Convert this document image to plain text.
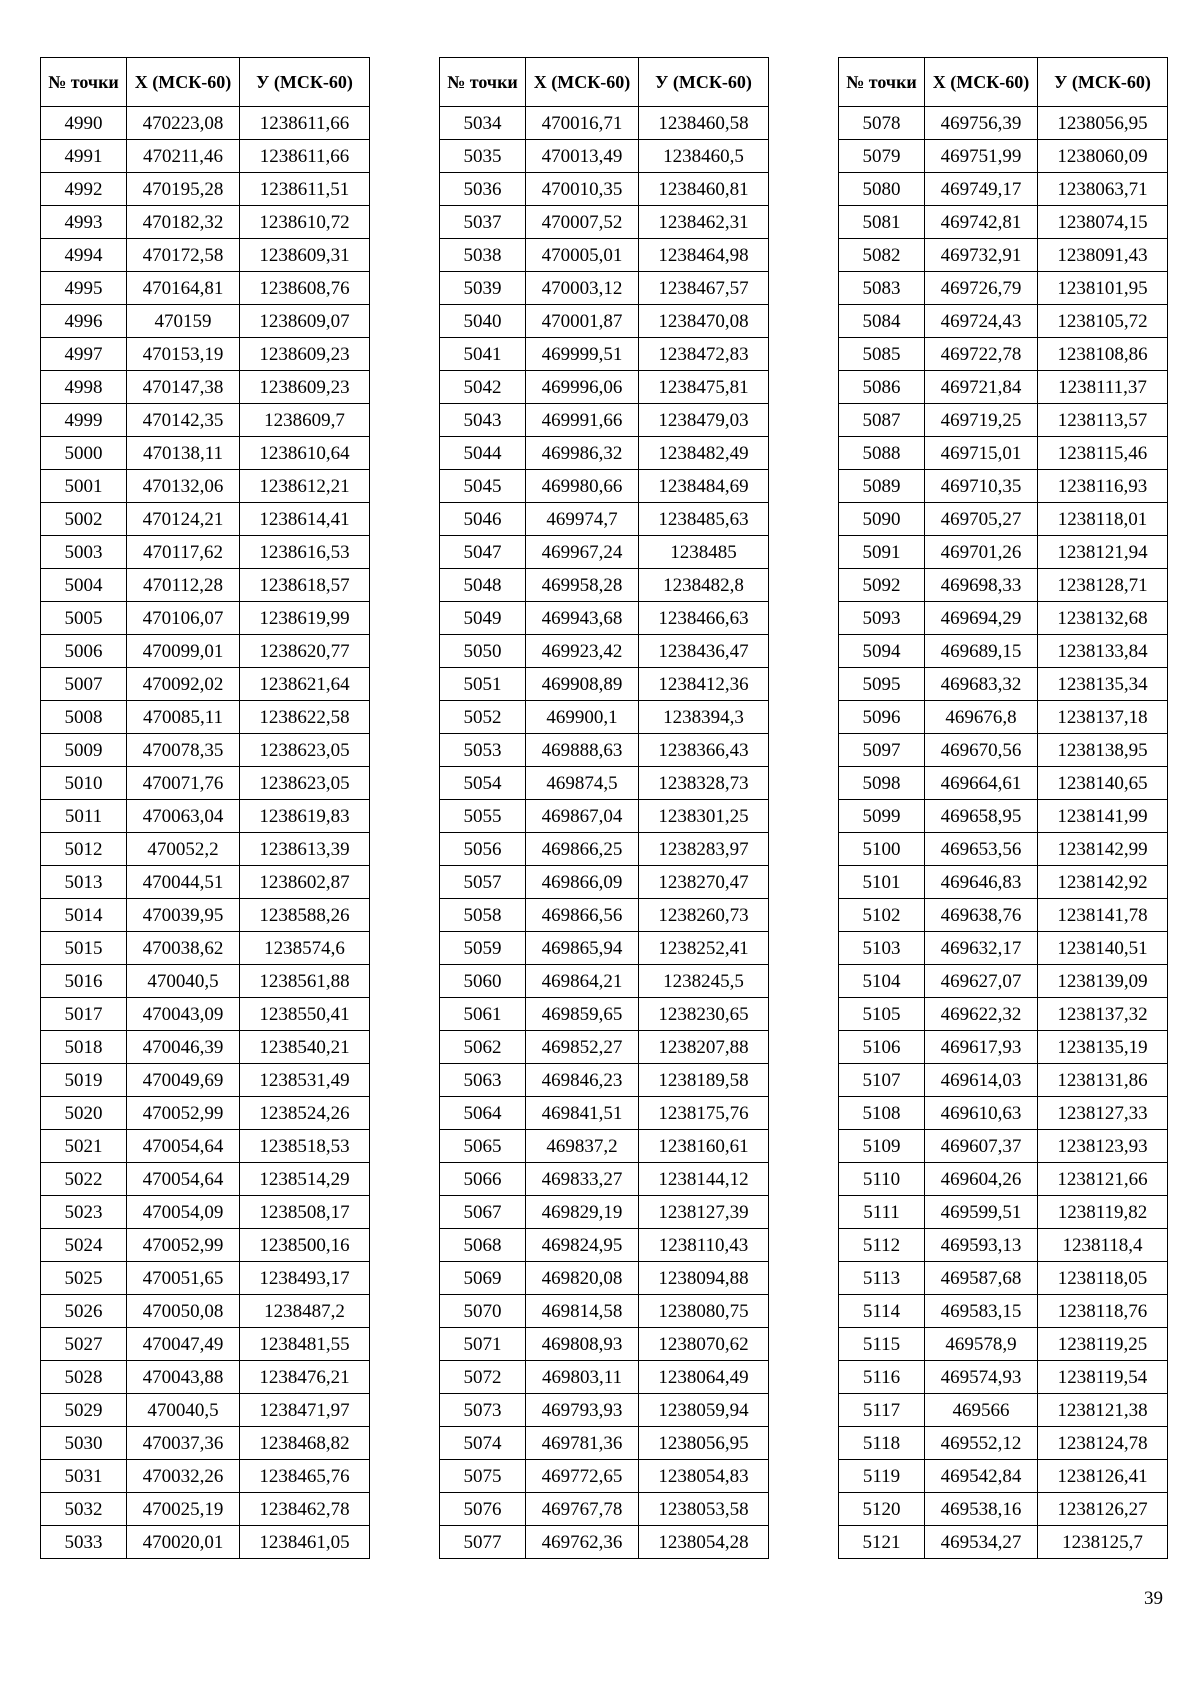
№ точки	Х (МСК-60)	У (МСК-60)
4990	470223,08	1238611,66
4991	470211,46	1238611,66
4992	470195,28	1238611,51
4993	470182,32	1238610,72
4994	470172,58	1238609,31
4995	470164,81	1238608,76
4996	470159	1238609,07
4997	470153,19	1238609,23
4998	470147,38	1238609,23
4999	470142,35	1238609,7
5000	470138,11	1238610,64
5001	470132,06	1238612,21
5002	470124,21	1238614,41
5003	470117,62	1238616,53
5004	470112,28	1238618,57
5005	470106,07	1238619,99
5006	470099,01	1238620,77
5007	470092,02	1238621,64
5008	470085,11	1238622,58
5009	470078,35	1238623,05
5010	470071,76	1238623,05
5011	470063,04	1238619,83
5012	470052,2	1238613,39
5013	470044,51	1238602,87
5014	470039,95	1238588,26
5015	470038,62	1238574,6
5016	470040,5	1238561,88
5017	470043,09	1238550,41
5018	470046,39	1238540,21
5019	470049,69	1238531,49
5020	470052,99	1238524,26
5021	470054,64	1238518,53
5022	470054,64	1238514,29
5023	470054,09	1238508,17
5024	470052,99	1238500,16
5025	470051,65	1238493,17
5026	470050,08	1238487,2
5027	470047,49	1238481,55
5028	470043,88	1238476,21
5029	470040,5	1238471,97
5030	470037,36	1238468,82
5031	470032,26	1238465,76
5032	470025,19	1238462,78
5033	470020,01	1238461,05
№ точки	Х (МСК-60)	У (МСК-60)
5034	470016,71	1238460,58
5035	470013,49	1238460,5
5036	470010,35	1238460,81
5037	470007,52	1238462,31
5038	470005,01	1238464,98
5039	470003,12	1238467,57
5040	470001,87	1238470,08
5041	469999,51	1238472,83
5042	469996,06	1238475,81
5043	469991,66	1238479,03
5044	469986,32	1238482,49
5045	469980,66	1238484,69
5046	469974,7	1238485,63
5047	469967,24	1238485
5048	469958,28	1238482,8
5049	469943,68	1238466,63
5050	469923,42	1238436,47
5051	469908,89	1238412,36
5052	469900,1	1238394,3
5053	469888,63	1238366,43
5054	469874,5	1238328,73
5055	469867,04	1238301,25
5056	469866,25	1238283,97
5057	469866,09	1238270,47
5058	469866,56	1238260,73
5059	469865,94	1238252,41
5060	469864,21	1238245,5
5061	469859,65	1238230,65
5062	469852,27	1238207,88
5063	469846,23	1238189,58
5064	469841,51	1238175,76
5065	469837,2	1238160,61
5066	469833,27	1238144,12
5067	469829,19	1238127,39
5068	469824,95	1238110,43
5069	469820,08	1238094,88
5070	469814,58	1238080,75
5071	469808,93	1238070,62
5072	469803,11	1238064,49
5073	469793,93	1238059,94
5074	469781,36	1238056,95
5075	469772,65	1238054,83
5076	469767,78	1238053,58
5077	469762,36	1238054,28
№ точки	Х (МСК-60)	У (МСК-60)
5078	469756,39	1238056,95
5079	469751,99	1238060,09
5080	469749,17	1238063,71
5081	469742,81	1238074,15
5082	469732,91	1238091,43
5083	469726,79	1238101,95
5084	469724,43	1238105,72
5085	469722,78	1238108,86
5086	469721,84	1238111,37
5087	469719,25	1238113,57
5088	469715,01	1238115,46
5089	469710,35	1238116,93
5090	469705,27	1238118,01
5091	469701,26	1238121,94
5092	469698,33	1238128,71
5093	469694,29	1238132,68
5094	469689,15	1238133,84
5095	469683,32	1238135,34
5096	469676,8	1238137,18
5097	469670,56	1238138,95
5098	469664,61	1238140,65
5099	469658,95	1238141,99
5100	469653,56	1238142,99
5101	469646,83	1238142,92
5102	469638,76	1238141,78
5103	469632,17	1238140,51
5104	469627,07	1238139,09
5105	469622,32	1238137,32
5106	469617,93	1238135,19
5107	469614,03	1238131,86
5108	469610,63	1238127,33
5109	469607,37	1238123,93
5110	469604,26	1238121,66
5111	469599,51	1238119,82
5112	469593,13	1238118,4
5113	469587,68	1238118,05
5114	469583,15	1238118,76
5115	469578,9	1238119,25
5116	469574,93	1238119,54
5117	469566	1238121,38
5118	469552,12	1238124,78
5119	469542,84	1238126,41
5120	469538,16	1238126,27
5121	469534,27	1238125,7
39
